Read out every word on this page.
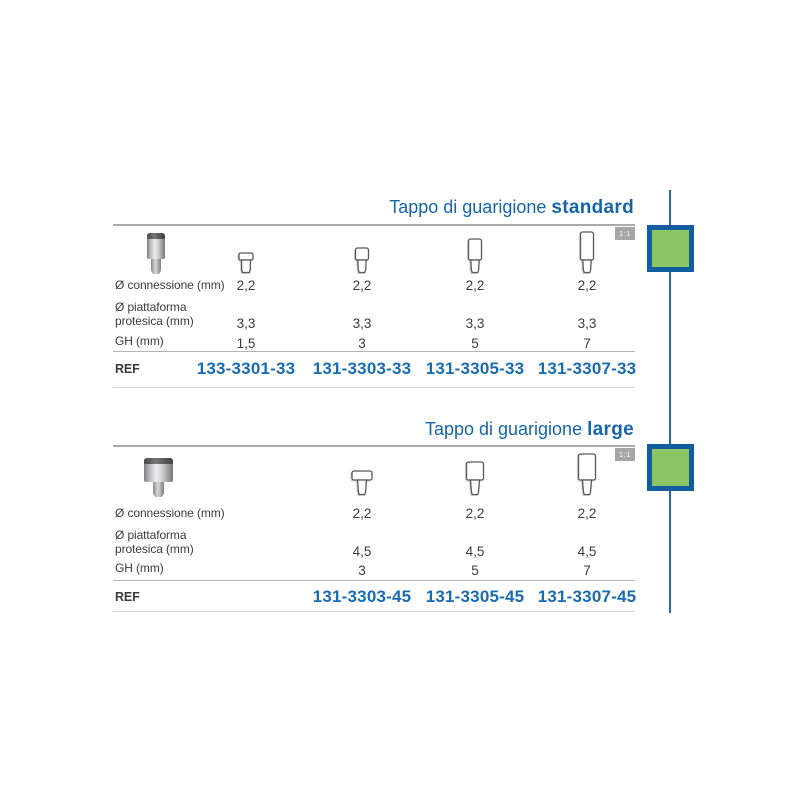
Tappo di guarigione standard
1:1
Ø connessione (mm) 2,2	2,2	2,2	2,2
Ø piattaforma
protesica (mm)	3,3	3,3	3,3	3,3
GH (mm)	1,5	3	5	7
REF	133-3301-33	131-3303-33 131-3305-33 131-3307-33
Tappo di guarigione large
1:1
Ø connessione (mm)	2,2	2,2	2,2
Ø piattaforma
protesica (mm)	4,5	4,5	4,5
GH (mm)	3	5	7
REF	131-3303-45 131-3305-45 131-3307-45
